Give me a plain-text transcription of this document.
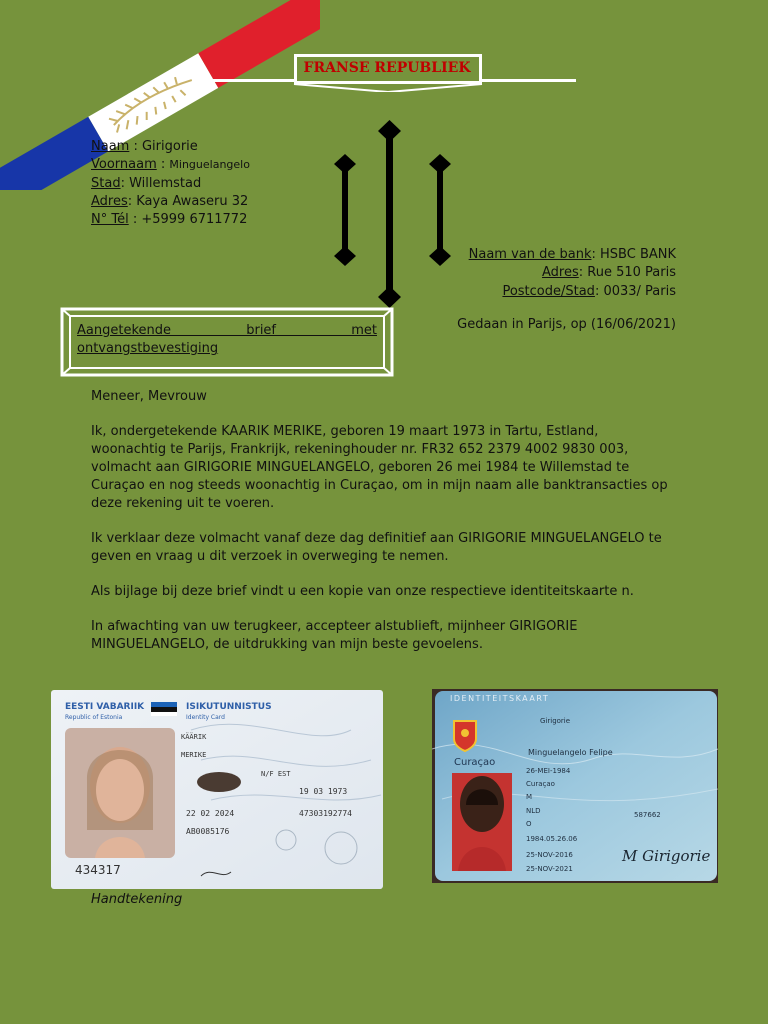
FRANSE REPUBLIEK
Naam : Girigorie
Voornaam : Minguelangelo
Stad: Willemstad
Adres: Kaya Awaseru 32
N° Tél : +5999 6711772
Naam van de bank: HSBC BANK
Adres: Rue 510 Paris
Postcode/Stad: 0033/ Paris
Gedaan in Parijs, op (16/06/2021)
Aangetekende brief met
ontvangstbevestiging

Meneer, Mevrouw

Ik, ondergetekende KAARIK MERIKE, geboren 19 maart 1973 in Tartu, Estland, woonachtig te Parijs, Frankrijk, rekeninghouder nr. FR32 652 2379 4002 9830 003, volmacht aan GIRIGORIE MINGUELANGELO, geboren 26 mei 1984 te Willemstad te Curaçao en nog steeds woonachtig in Curaçao, om in mijn naam alle banktransacties op deze rekening uit te voeren.

Ik verklaar deze volmacht vanaf deze dag definitief aan GIRIGORIE MINGUELANGELO te geven en vraag u dit verzoek in overweging te nemen.

Als bijlage bij deze brief vindt u een kopie van onze respectieve identiteitskaarte n.

In afwachting van uw terugkeer, accepteer alstublieft, mijnheer GIRIGORIE MINGUELANGELO, de uitdrukking van mijn beste gevoelens.

EESTI VABARIIK
Republic of Estonia
ISIKUTUNNISTUS
Identity Card
KÄÄRIK
MERIKE
N/F EST
19 03 1973
22 02 2024	47303192774
AB0085176
434317
IDENTITEITSKAART
Curaçao
Girigorie
Minguelangelo Felipe
26-MEI-1984
Curaçao
M
NLD
O
1984.05.26.06
25-NOV-2016
25-NOV-2021
587662
M Girigorie
Handtekening
